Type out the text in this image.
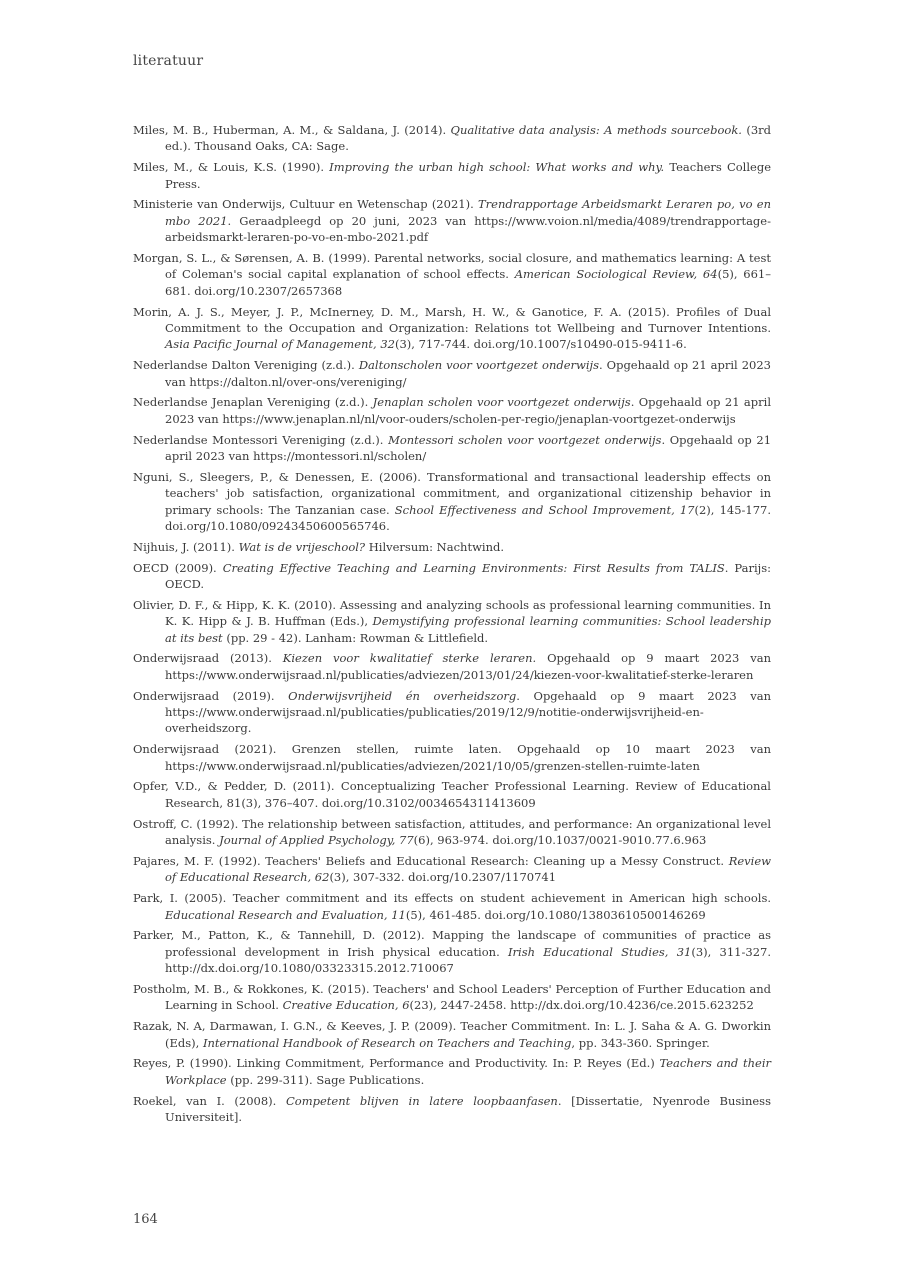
literatuur
Miles, M. B., Huberman, A. M., & Saldana, J. (2014). Qualitative data analysis: A methods sourcebook. (3rd ed.). Thousand Oaks, CA: Sage.
Miles, M., & Louis, K.S. (1990). Improving the urban high school: What works and why. Teachers College Press.
Ministerie van Onderwijs, Cultuur en Wetenschap (2021). Trendrapportage Arbeidsmarkt Leraren po, vo en mbo 2021. Geraadpleegd op 20 juni, 2023 van https://www.voion.nl/media/4089/trendrapportage-arbeidsmarkt-leraren-po-vo-en-mbo-2021.pdf
Morgan, S. L., & Sørensen, A. B. (1999). Parental networks, social closure, and mathematics learning: A test of Coleman's social capital explanation of school effects. American Sociological Review, 64(5), 661–681. doi.org/10.2307/2657368
Morin, A. J. S., Meyer, J. P., McInerney, D. M., Marsh, H. W., & Ganotice, F. A. (2015). Profiles of Dual Commitment to the Occupation and Organization: Relations tot Wellbeing and Turnover Intentions. Asia Pacific Journal of Management, 32(3), 717-744. doi.org/10.1007/s10490-015-9411-6.
Nederlandse Dalton Vereniging (z.d.). Daltonscholen voor voortgezet onderwijs. Opgehaald op 21 april 2023 van https://dalton.nl/over-ons/vereniging/
Nederlandse Jenaplan Vereniging (z.d.). Jenaplan scholen voor voortgezet onderwijs. Opgehaald op 21 april 2023 van https://www.jenaplan.nl/nl/voor-ouders/scholen-per-regio/jenaplan-voortgezet-onderwijs
Nederlandse Montessori Vereniging (z.d.). Montessori scholen voor voortgezet onderwijs. Opgehaald op 21 april 2023 van https://montessori.nl/scholen/
Nguni, S., Sleegers, P., & Denessen, E. (2006). Transformational and transactional leadership effects on teachers' job satisfaction, organizational commitment, and organizational citizenship behavior in primary schools: The Tanzanian case. School Effectiveness and School Improvement, 17(2), 145-177. doi.org/10.1080/09243450600565746.
Nijhuis, J. (2011). Wat is de vrijeschool? Hilversum: Nachtwind.
OECD (2009). Creating Effective Teaching and Learning Environments: First Results from TALIS. Parijs: OECD.
Olivier, D. F., & Hipp, K. K. (2010). Assessing and analyzing schools as professional learning communities. In K. K. Hipp & J. B. Huffman (Eds.), Demystifying professional learning communities: School leadership at its best (pp. 29 - 42). Lanham: Rowman & Littlefield.
Onderwijsraad (2013). Kiezen voor kwalitatief sterke leraren. Opgehaald op 9 maart 2023 van https://www.onderwijsraad.nl/publicaties/adviezen/2013/01/24/kiezen-voor-kwalitatief-sterke-leraren
Onderwijsraad (2019). Onderwijsvrijheid én overheidszorg. Opgehaald op 9 maart 2023 van https://www.onderwijsraad.nl/publicaties/publicaties/2019/12/9/notitie-onderwijsvrijheid-en-overheidszorg.
Onderwijsraad (2021). Grenzen stellen, ruimte laten. Opgehaald op 10 maart 2023 van https://www.onderwijsraad.nl/publicaties/adviezen/2021/10/05/grenzen-stellen-ruimte-laten
Opfer, V.D., & Pedder, D. (2011). Conceptualizing Teacher Professional Learning. Review of Educational Research, 81(3), 376–407. doi.org/10.3102/0034654311413609
Ostroff, C. (1992). The relationship between satisfaction, attitudes, and performance: An organizational level analysis. Journal of Applied Psychology, 77(6), 963-974. doi.org/10.1037/0021-9010.77.6.963
Pajares, M. F. (1992). Teachers' Beliefs and Educational Research: Cleaning up a Messy Construct. Review of Educational Research, 62(3), 307-332. doi.org/10.2307/1170741
Park, I. (2005). Teacher commitment and its effects on student achievement in American high schools. Educational Research and Evaluation, 11(5), 461-485. doi.org/10.1080/13803610500146269
Parker, M., Patton, K., & Tannehill, D. (2012). Mapping the landscape of communities of practice as professional development in Irish physical education. Irish Educational Studies, 31(3), 311-327. http://dx.doi.org/10.1080/03323315.2012.710067
Postholm, M. B., & Rokkones, K. (2015). Teachers' and School Leaders' Perception of Further Education and Learning in School. Creative Education, 6(23), 2447-2458. http://dx.doi.org/10.4236/ce.2015.623252
Razak, N. A, Darmawan, I. G.N., & Keeves, J. P. (2009). Teacher Commitment. In: L. J. Saha & A. G. Dworkin (Eds), International Handbook of Research on Teachers and Teaching, pp. 343-360. Springer.
Reyes, P. (1990). Linking Commitment, Performance and Productivity. In: P. Reyes (Ed.) Teachers and their Workplace (pp. 299-311). Sage Publications.
Roekel, van I. (2008). Competent blijven in latere loopbaanfasen. [Dissertatie, Nyenrode Business Universiteit].
164
